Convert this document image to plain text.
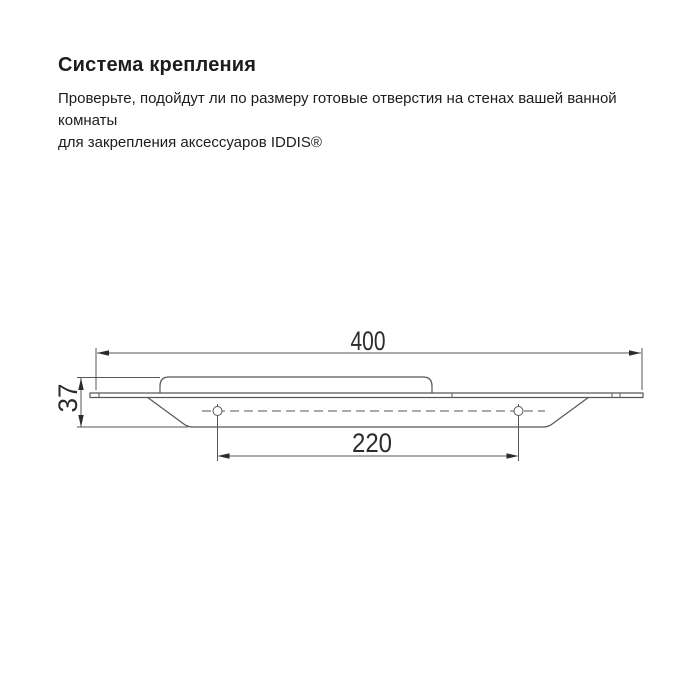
Система крепления
Проверьте, подойдут ли по размеру готовые отверстия на стенах вашей ванной комнаты
для закрепления аксессуаров IDDIS®
400
37
220
